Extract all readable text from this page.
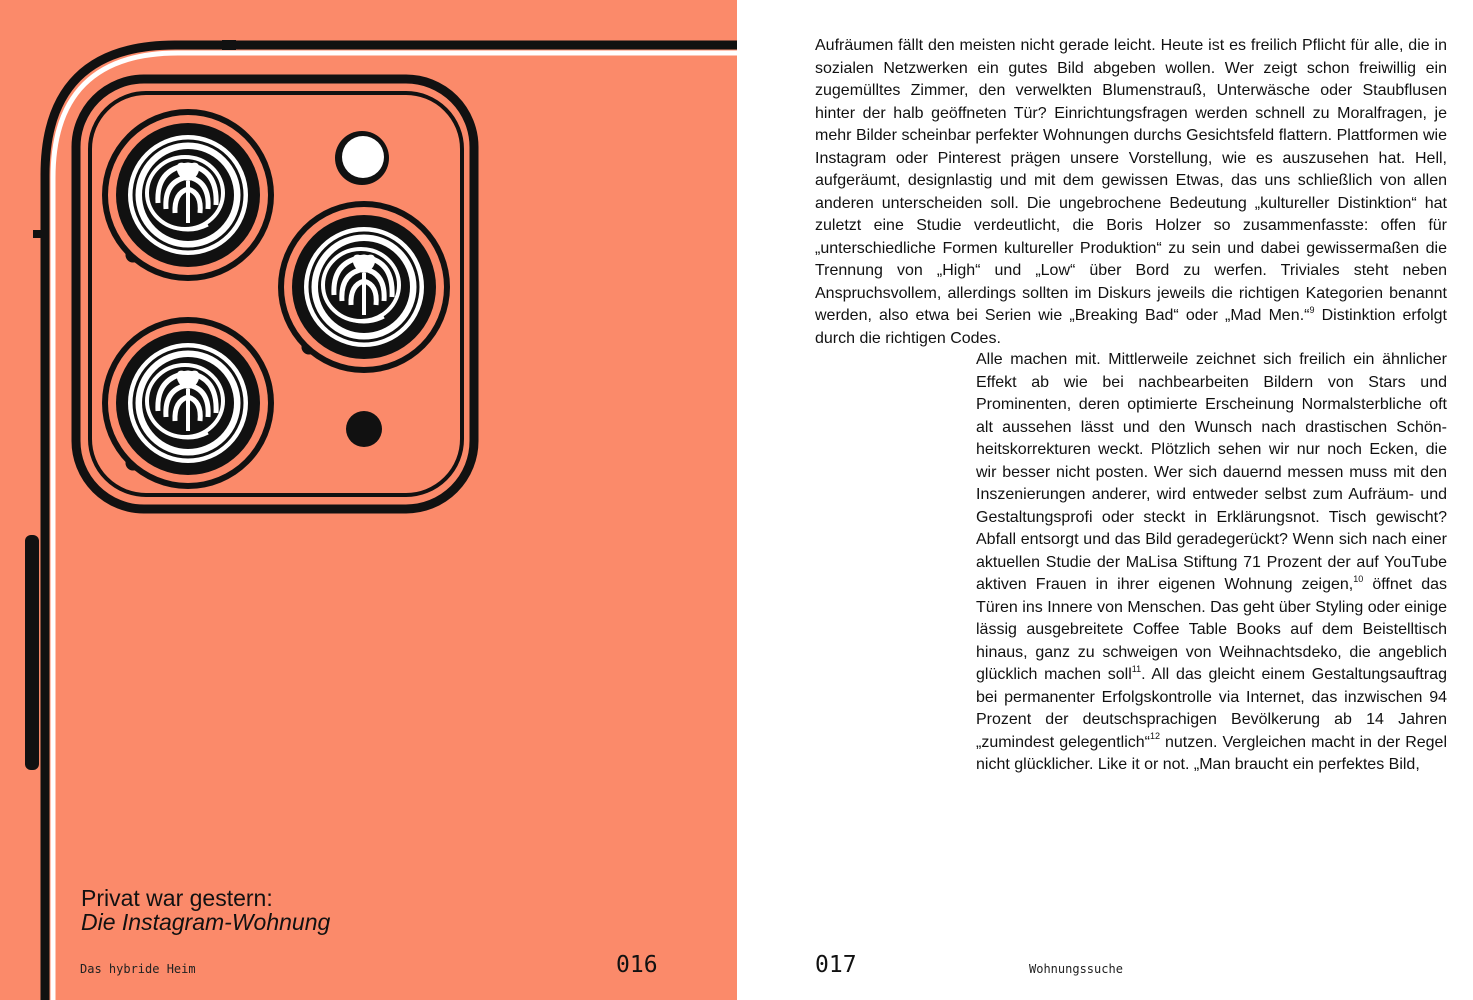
Privat war gestern:
Die Instagram-Wohnung
Das hybride Heim	016

Aufräumen fällt den meisten nicht gerade leicht. Heute ist es freilich Pflicht für alle, die in sozialen Netzwerken ein gutes Bild abgeben wollen. Wer zeigt schon freiwillig ein zugemülltes Zimmer, den verwelkten Blumenstrauß, Unterwäsche oder Staubflusen hinter der halb geöffneten Tür? Einrichtungsfragen werden schnell zu Moralfragen, je mehr Bilder scheinbar perfekter Wohnungen durchs Gesichtsfeld flattern. Plattformen wie Instagram oder Pinterest prägen unsere Vorstellung, wie es auszusehen hat. Hell, aufgeräumt, designlastig und mit dem gewissen Etwas, das uns schließlich von allen anderen unterscheiden soll. Die ungebrochene Bedeutung „kultureller Distinktion“ hat zuletzt eine Studie verdeutlicht, die Boris Holzer so zusammenfasste: offen für „unterschiedliche Formen kultureller Produktion“ zu sein und dabei gewissermaßen die Trennung von „High“ und „Low“ über Bord zu werfen. Triviales steht neben Anspruchsvollem, allerdings sollten im Diskurs jeweils die richtigen Kategorien benannt werden, also etwa bei Serien wie „Breaking Bad“ oder „Mad Men.“$^9$ Distinktion erfolgt durch die richtigen Codes.

Alle machen mit. Mittlerweile zeichnet sich freilich ein ähnlicher Effekt ab wie bei nachbearbeiten Bildern von Stars und Prominenten, deren optimierte Erscheinung Normalsterbliche oft alt aussehen lässt und den Wunsch nach drastischen Schönheitskorrekturen weckt. Plötzlich sehen wir nur noch Ecken, die wir besser nicht posten. Wer sich dauernd messen muss mit den Inszenierungen anderer, wird entweder selbst zum Aufräum- und Gestaltungsprofi oder steckt in Erklärungsnot. Tisch gewischt? Abfall entsorgt und das Bild geradegerückt? Wenn sich nach einer aktuellen Studie der MaLisa Stiftung 71 Prozent der auf YouTube aktiven Frauen in ihrer eigenen Wohnung zeigen,$^{10}$ öffnet das Türen ins Innere von Menschen. Das geht über Styling oder einige lässig ausgebreitete Coffee Table Books auf dem Beistelltisch hinaus, ganz zu schweigen von Weihnachtsdeko, die angeblich glücklich machen soll$^{11}$. All das gleicht einem Gestaltungsauftrag bei permanenter Erfolgskontrolle via Internet, das inzwischen 94 Prozent der deutschsprachigen Bevölkerung ab 14 Jahren „zumindest gelegentlich“$^{12}$ nutzen. Vergleichen macht in der Regel nicht glücklicher. Like it or not. „Man braucht ein perfektes Bild,

017	Wohnungssuche
